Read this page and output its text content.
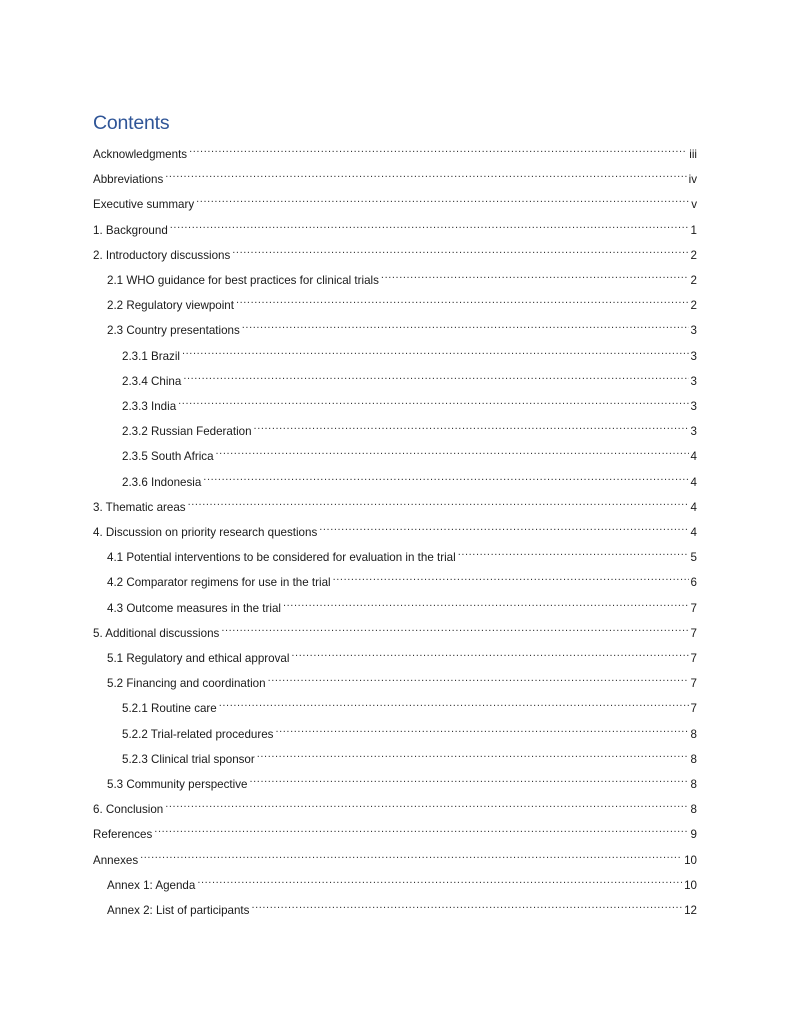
Contents
Acknowledgments .....	iii
Abbreviations .....	iv
Executive summary .....	v
1. Background .....	1
2. Introductory discussions .....	2
2.1 WHO guidance for best practices for clinical trials .....	2
2.2 Regulatory viewpoint .....	2
2.3 Country presentations .....	3
2.3.1 Brazil .....	3
2.3.4 China .....	3
2.3.3 India .....	3
2.3.2 Russian Federation .....	3
2.3.5 South Africa .....	4
2.3.6 Indonesia .....	4
3. Thematic areas .....	4
4. Discussion on priority research questions .....	4
4.1 Potential interventions to be considered for evaluation in the trial .....	5
4.2 Comparator regimens for use in the trial .....	6
4.3 Outcome measures in the trial .....	7
5. Additional discussions .....	7
5.1 Regulatory and ethical approval .....	7
5.2 Financing and coordination .....	7
5.2.1 Routine care .....	7
5.2.2 Trial-related procedures .....	8
5.2.3 Clinical trial sponsor .....	8
5.3 Community perspective .....	8
6. Conclusion .....	8
References .....	9
Annexes .....	10
Annex 1: Agenda .....	10
Annex 2: List of participants .....	12
